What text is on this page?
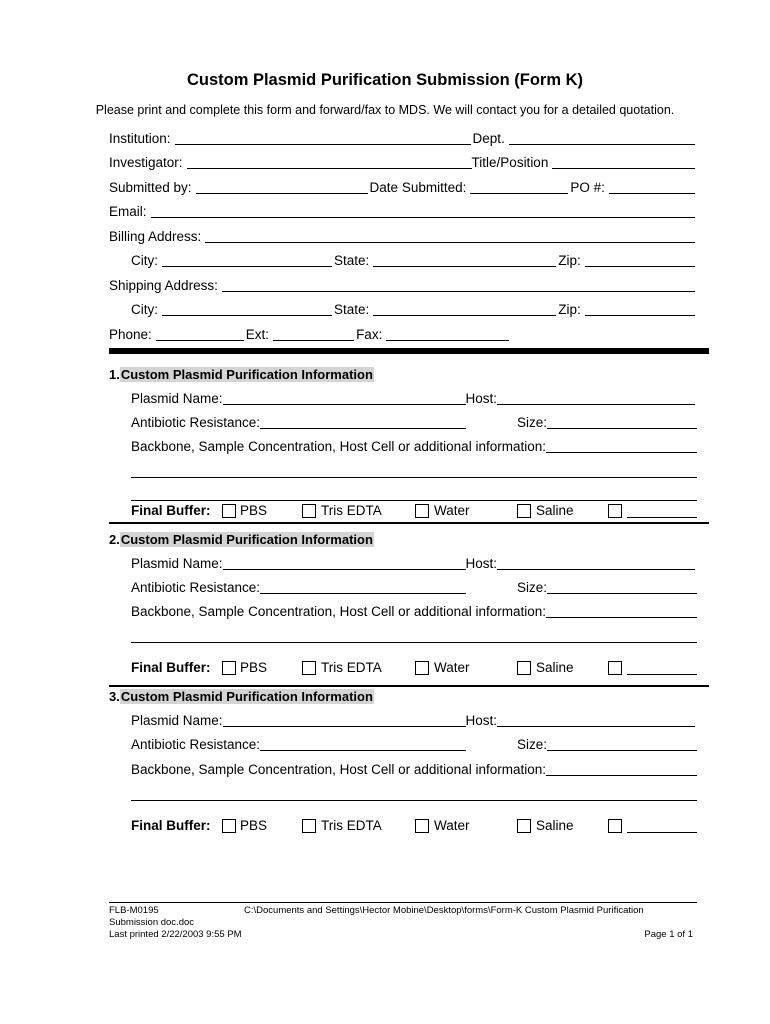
Custom Plasmid Purification Submission (Form K)
Please print and complete this form and forward/fax to MDS. We will contact you for a detailed quotation.
Institution:	Dept.
Investigator:	Title/Position
Submitted by:	Date Submitted:	PO #:
Email:
Billing Address:
City:	State:	Zip:
Shipping Address:
City:	State:	Zip:
Phone:	Ext:	Fax:
1.Custom Plasmid Purification Information
Plasmid Name:	Host:
Antibiotic Resistance:	Size:
Backbone, Sample Concentration, Host Cell or additional information:
Final Buffer: PBS	Tris EDTA	Water	Saline
2.Custom Plasmid Purification Information
Plasmid Name:	Host:
Antibiotic Resistance:	Size:
Backbone, Sample Concentration, Host Cell or additional information:
Final Buffer: PBS	Tris EDTA	Water	Saline
3.Custom Plasmid Purification Information
Plasmid Name:	Host:
Antibiotic Resistance:	Size:
Backbone, Sample Concentration, Host Cell or additional information:
Final Buffer: PBS	Tris EDTA	Water	Saline
FLB-M0195	C:\Documents and Settings\Hector Mobine\Desktop\forms\Form-K Custom Plasmid Purification
Submission doc.doc
Last printed 2/22/2003 9:55 PM	Page 1 of 1
